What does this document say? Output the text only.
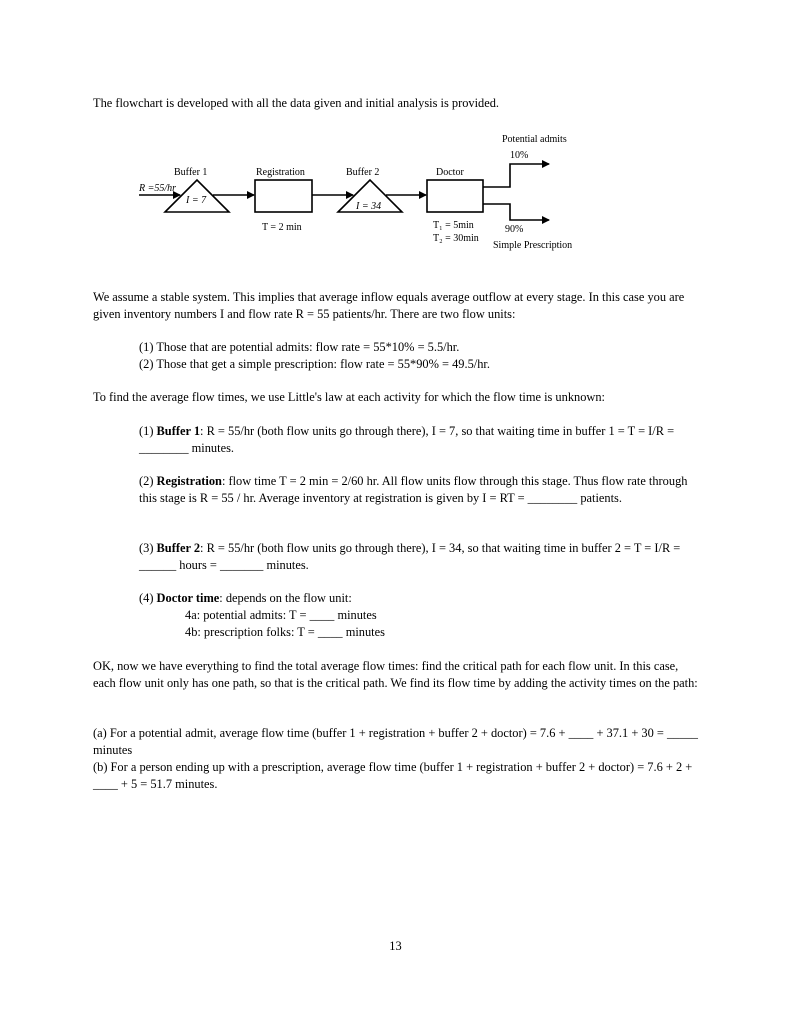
The flowchart is developed with all the data given and initial analysis is provided.

Potential admits
10%
Buffer 1	Registration	Buffer 2	Doctor
R =55/hr
I = 7
I = 34
T = 2 min	T₁ = 5min
T₂ = 30min
90%
Simple Prescription

We assume a stable system. This implies that average inflow equals average outflow at every stage. In this case you are given inventory numbers I and flow rate R = 55 patients/hr. There are two flow units:

(1) Those that are potential admits: flow rate = 55*10% = 5.5/hr.

(2) Those that get a simple prescription: flow rate = 55*90% = 49.5/hr.

To find the average flow times, we use Little's law at each activity for which the flow time is unknown:

(1) Buffer 1: R = 55/hr (both flow units go through there), I = 7, so that waiting time in buffer 1 = T = I/R = ________ minutes.

(2) Registration: flow time T = 2 min = 2/60 hr. All flow units flow through this stage. Thus flow rate through this stage is R = 55 / hr. Average inventory at registration is given by I = RT = ________ patients.

(3) Buffer 2: R = 55/hr (both flow units go through there), I = 34, so that waiting time in buffer 2 = T = I/R = ______ hours = _______ minutes.

(4) Doctor time: depends on the flow unit:

4a: potential admits: T = ____ minutes

4b: prescription folks: T = ____ minutes

OK, now we have everything to find the total average flow times: find the critical path for each flow unit. In this case, each flow unit only has one path, so that is the critical path. We find its flow time by adding the activity times on the path:

(a) For a potential admit, average flow time (buffer 1 + registration + buffer 2 + doctor) = 7.6 + ____ + 37.1 + 30 = _____ minutes

(b) For a person ending up with a prescription, average flow time (buffer 1 + registration + buffer 2 + doctor) = 7.6 + 2 + ____ + 5 = 51.7 minutes.

13
